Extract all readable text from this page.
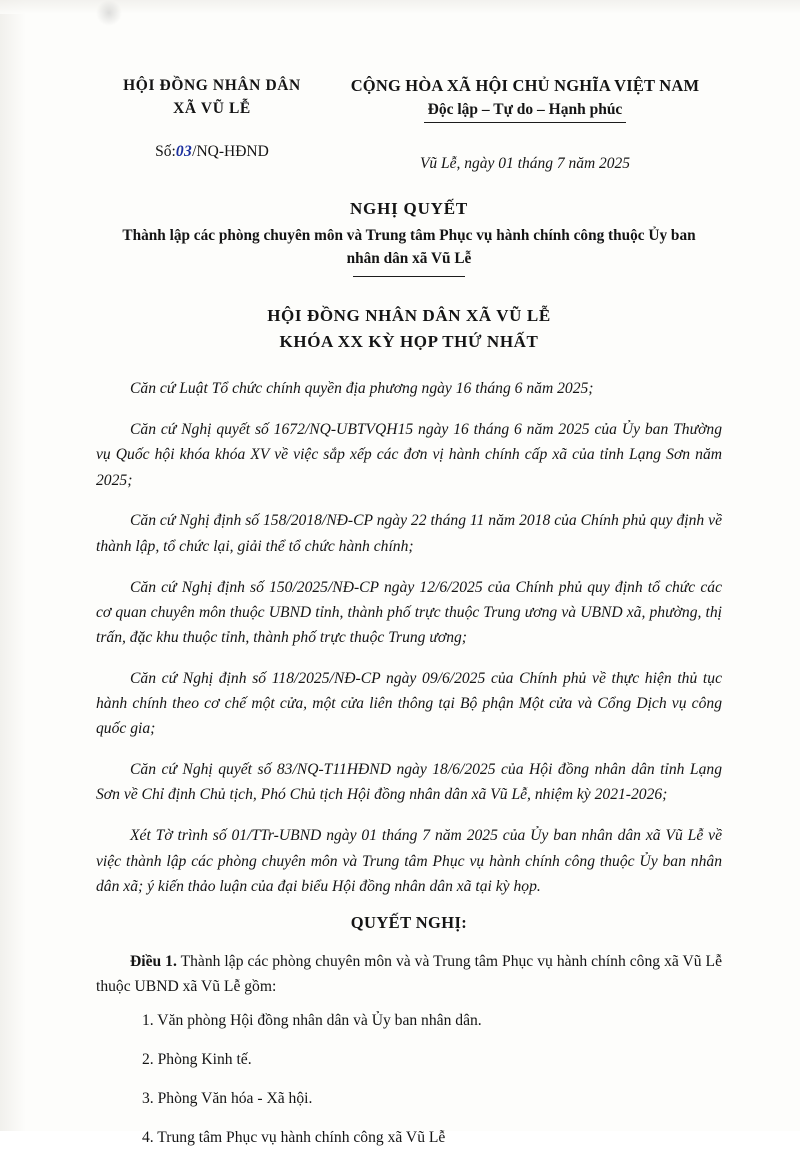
HỘI ĐỒNG NHÂN DÂN
XÃ VŨ LỄ
CỘNG HÒA XÃ HỘI CHỦ NGHĨA VIỆT NAM
Độc lập – Tự do – Hạnh phúc
Số:03/NQ-HĐND
Vũ Lễ, ngày 01 tháng 7 năm 2025
NGHỊ QUYẾT
Thành lập các phòng chuyên môn và Trung tâm Phục vụ hành chính công thuộc Ủy ban nhân dân xã Vũ Lễ
HỘI ĐỒNG NHÂN DÂN XÃ VŨ LỄ
KHÓA XX KỲ HỌP THỨ NHẤT

Căn cứ Luật Tổ chức chính quyền địa phương ngày 16 tháng 6 năm 2025;

Căn cứ Nghị quyết số 1672/NQ-UBTVQH15 ngày 16 tháng 6 năm 2025 của Ủy ban Thường vụ Quốc hội khóa khóa XV về việc sắp xếp các đơn vị hành chính cấp xã của tỉnh Lạng Sơn năm 2025;

Căn cứ Nghị định số 158/2018/NĐ-CP ngày 22 tháng 11 năm 2018 của Chính phủ quy định về thành lập, tổ chức lại, giải thể tổ chức hành chính;

Căn cứ Nghị định số 150/2025/NĐ-CP ngày 12/6/2025 của Chính phủ quy định tổ chức các cơ quan chuyên môn thuộc UBND tỉnh, thành phố trực thuộc Trung ương và UBND xã, phường, thị trấn, đặc khu thuộc tỉnh, thành phố trực thuộc Trung ương;

Căn cứ Nghị định số 118/2025/NĐ-CP ngày 09/6/2025 của Chính phủ về thực hiện thủ tục hành chính theo cơ chế một cửa, một cửa liên thông tại Bộ phận Một cửa và Cổng Dịch vụ công quốc gia;

Căn cứ Nghị quyết số 83/NQ-T11HĐND ngày 18/6/2025 của Hội đồng nhân dân tỉnh Lạng Sơn về Chỉ định Chủ tịch, Phó Chủ tịch Hội đồng nhân dân xã Vũ Lễ, nhiệm kỳ 2021-2026;

Xét Tờ trình số 01/TTr-UBND ngày 01 tháng 7 năm 2025 của Ủy ban nhân dân xã Vũ Lễ về việc thành lập các phòng chuyên môn và Trung tâm Phục vụ hành chính công thuộc Ủy ban nhân dân xã; ý kiến thảo luận của đại biểu Hội đồng nhân dân xã tại kỳ họp.

QUYẾT NGHỊ:

Điều 1. Thành lập các phòng chuyên môn và và Trung tâm Phục vụ hành chính công xã Vũ Lễ thuộc UBND xã Vũ Lễ gồm:

1. Văn phòng Hội đồng nhân dân và Ủy ban nhân dân.
2. Phòng Kinh tế.
3. Phòng Văn hóa - Xã hội.
4. Trung tâm Phục vụ hành chính công xã Vũ Lễ
